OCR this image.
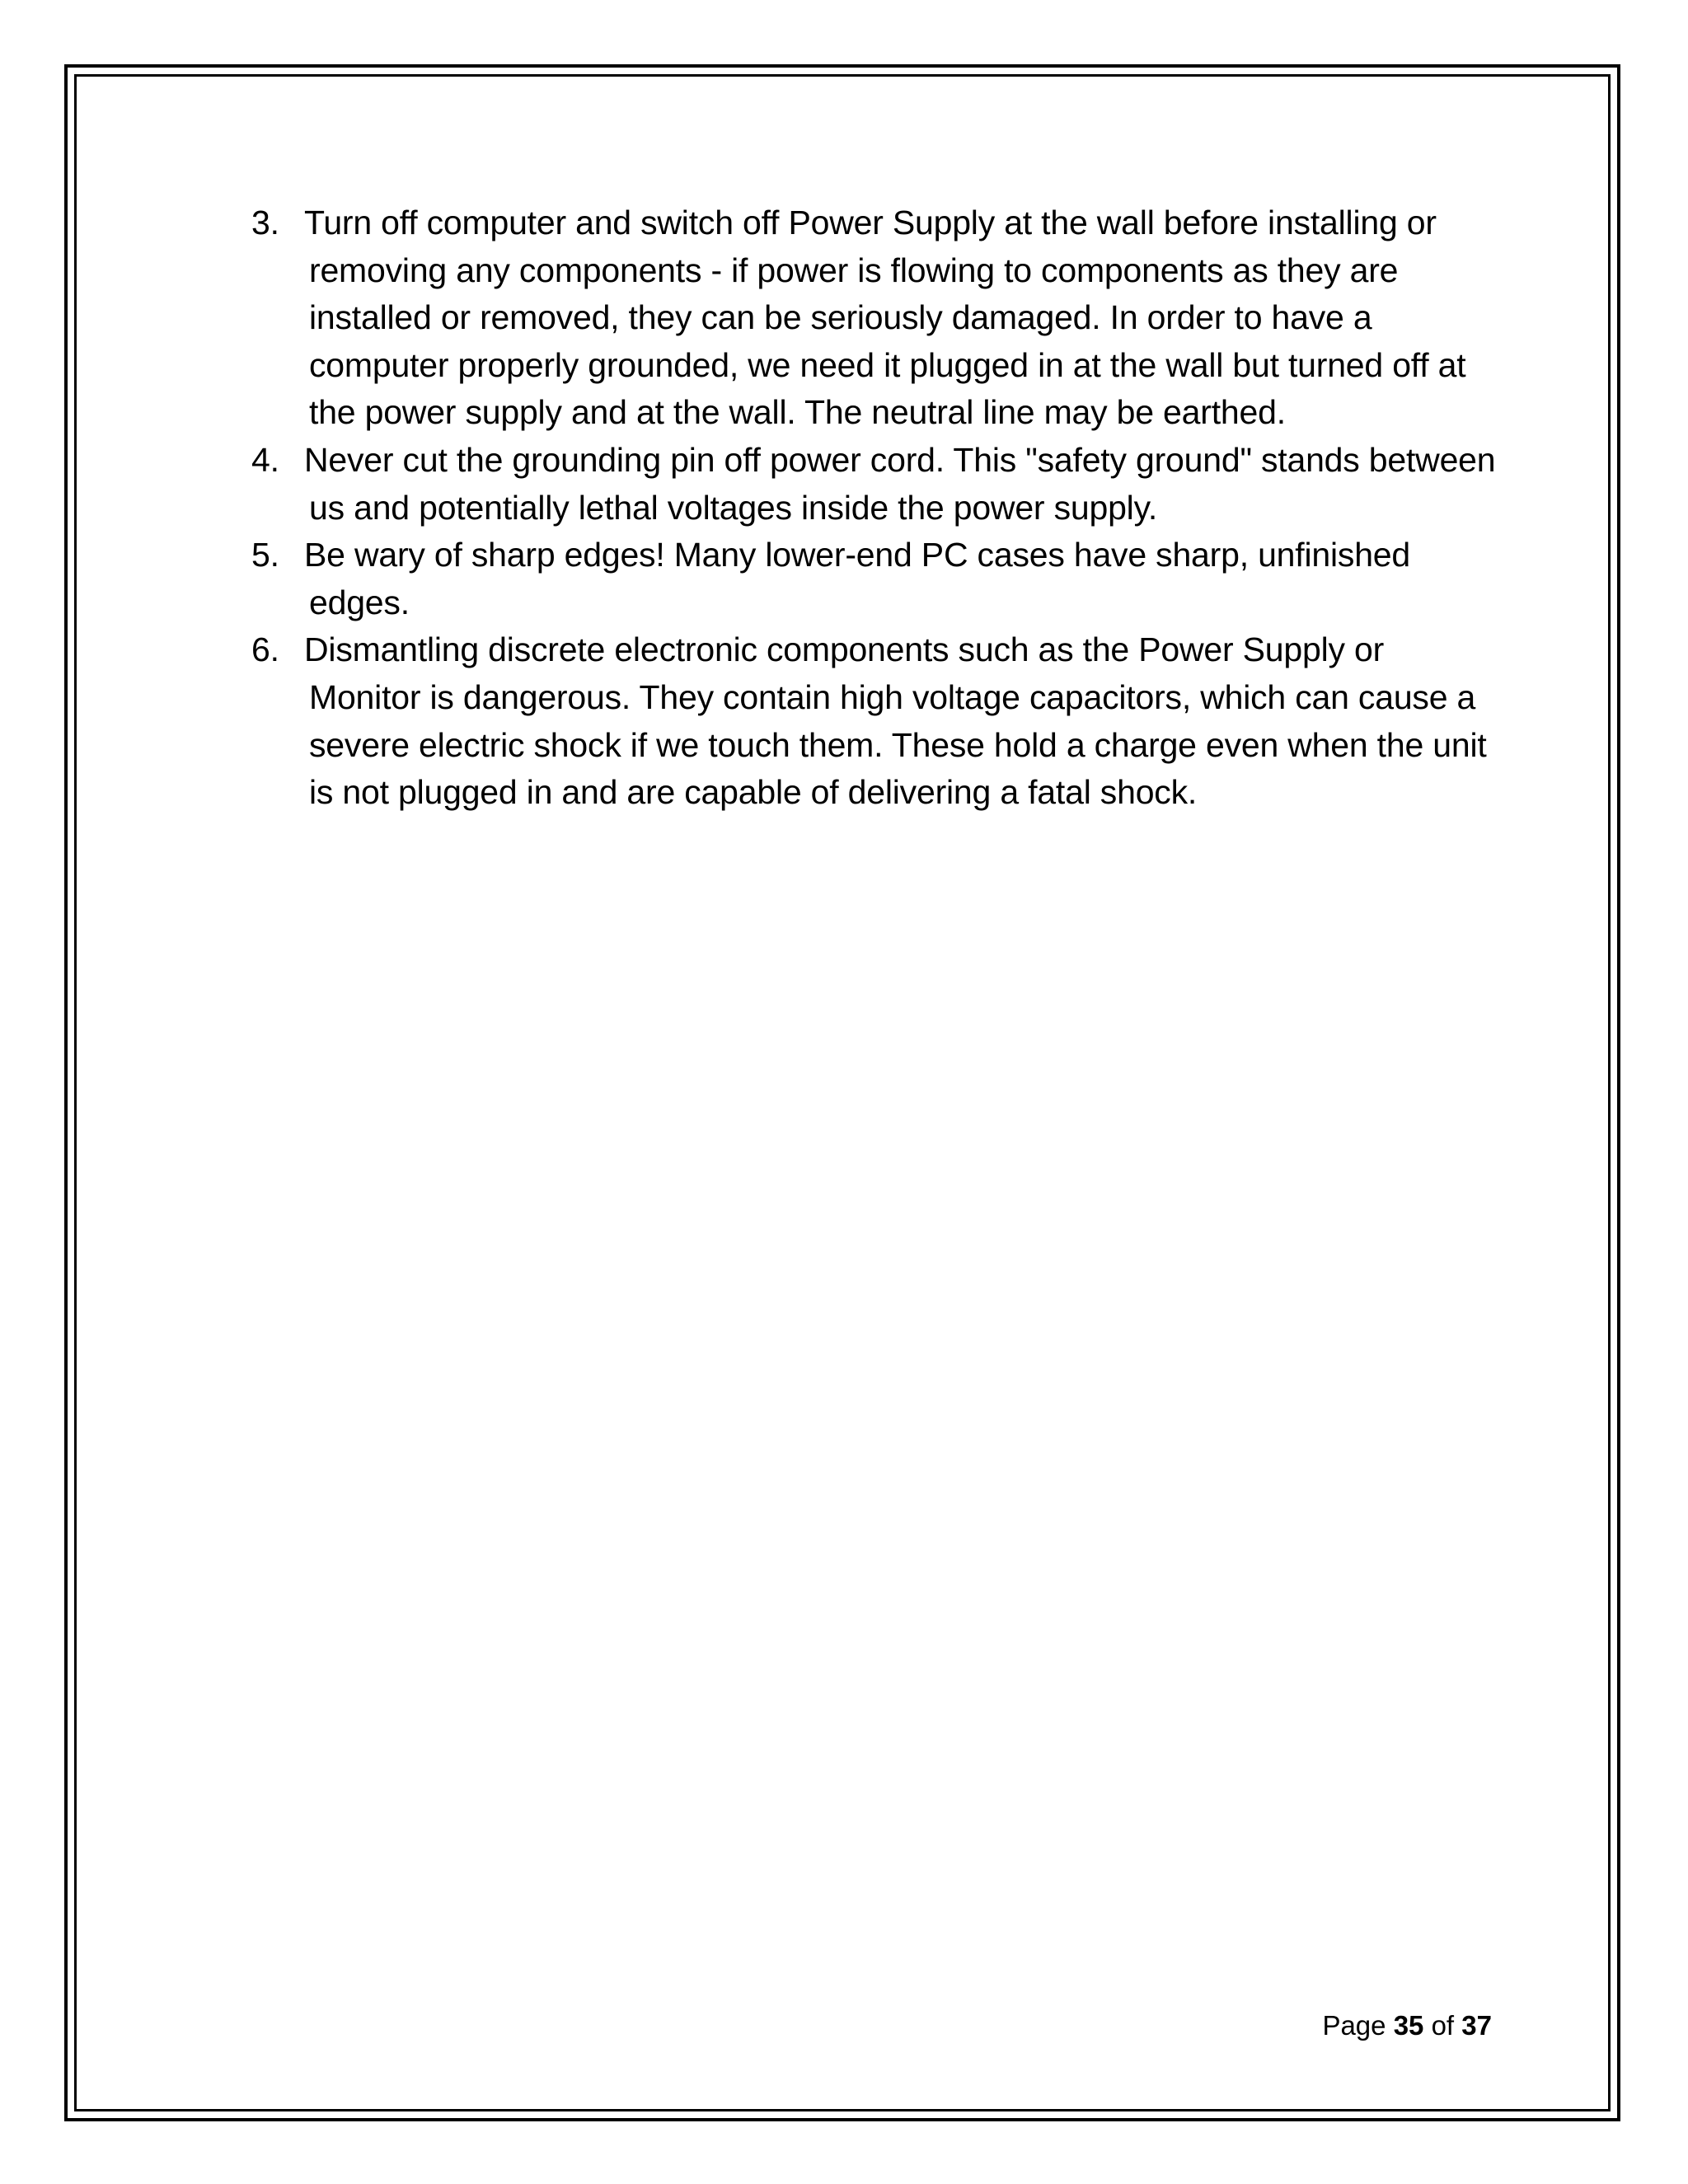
3. Turn off computer and switch off Power Supply at the wall before installing or removing any components - if power is flowing to components as they are installed or removed, they can be seriously damaged. In order to have a computer properly grounded, we need it plugged in at the wall but turned off at the power supply and at the wall. The neutral line may be earthed.
4. Never cut the grounding pin off power cord. This "safety ground" stands between us and potentially lethal voltages inside the power supply.
5. Be wary of sharp edges! Many lower-end PC cases have sharp, unfinished edges.
6. Dismantling discrete electronic components such as the Power Supply or Monitor is dangerous. They contain high voltage capacitors, which can cause a severe electric shock if we touch them. These hold a charge even when the unit is not plugged in and are capable of delivering a fatal shock.
Page 35 of 37
